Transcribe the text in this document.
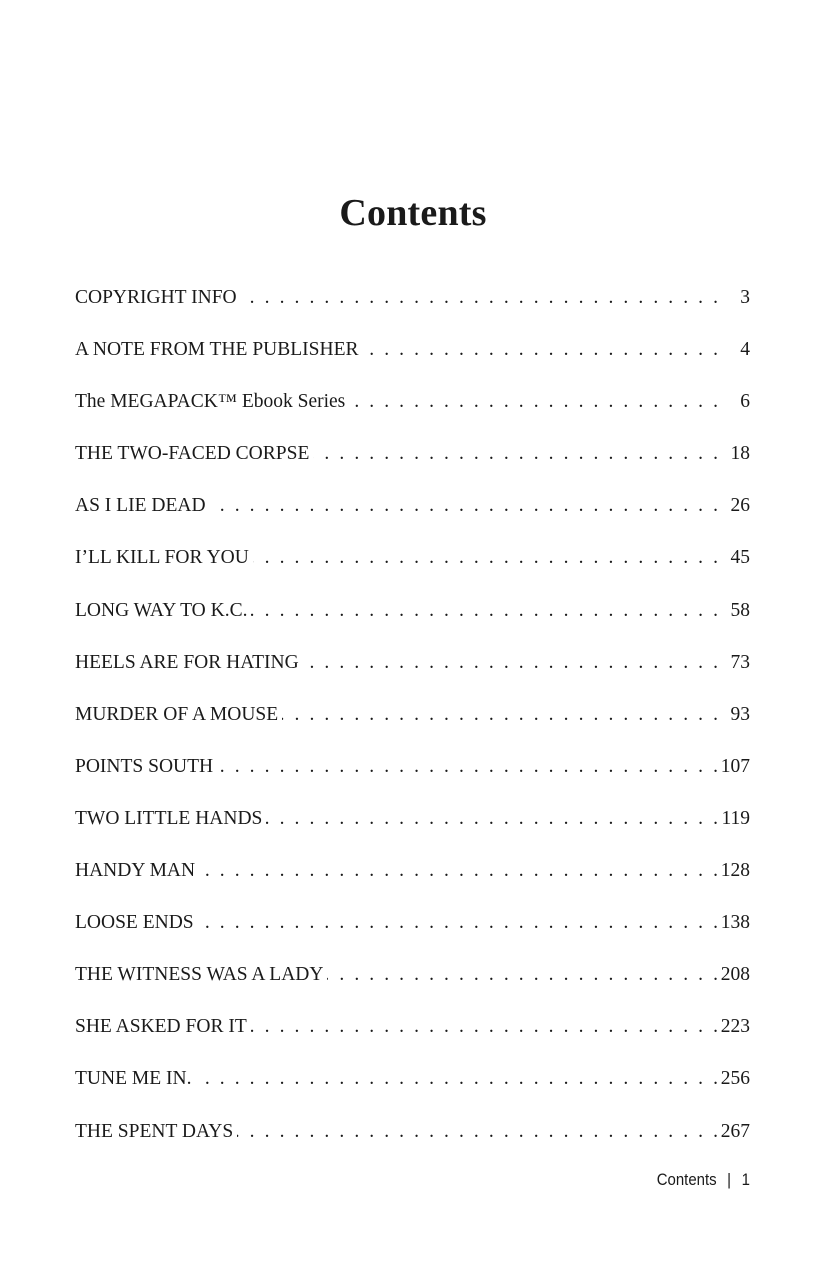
Contents
COPYRIGHT INFO . . .	3
A NOTE FROM THE PUBLISHER . . .	4
The MEGAPACK™ Ebook Series . . .	6
THE TWO-FACED CORPSE . . .	18
AS I LIE DEAD . . .	26
I’LL KILL FOR YOU . . .	45
LONG WAY TO K.C. . . .	58
HEELS ARE FOR HATING . . .	73
MURDER OF A MOUSE . . .	93
POINTS SOUTH . . .	107
TWO LITTLE HANDS . . .	119
HANDY MAN . . .	128
LOOSE ENDS . . .	138
THE WITNESS WAS A LADY . . .	208
SHE ASKED FOR IT . . .	223
TUNE ME IN. . . .	256
THE SPENT DAYS . . .	267
Contents | 1
